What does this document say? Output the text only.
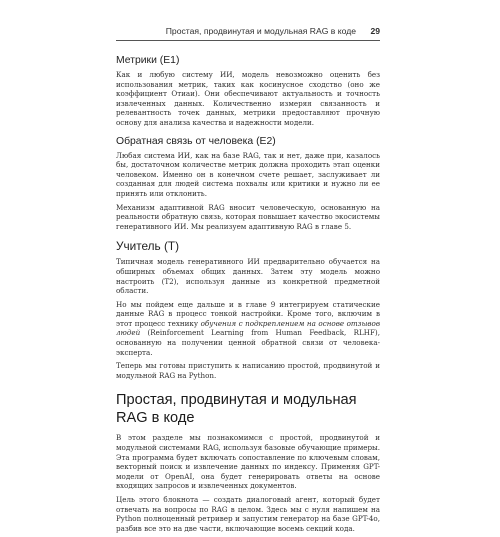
Простая, продвинутая и модульная RAG в коде 29
Метрики (E1)

Как и любую систему ИИ, модель невозможно оценить без использования метрик, таких как косинусное сходство (оно же коэффициент Отиаи). Они обеспечивают актуальность и точность извлеченных данных. Количественно измеряя связанность и релевантность точек данных, метрики предоставляют прочную основу для анализа качества и надежности модели.

Обратная связь от человека (E2)

Любая система ИИ, как на базе RAG, так и нет, даже при, казалось бы, достаточном количестве метрик должна проходить этап оценки человеком. Именно он в конечном счете решает, заслуживает ли созданная для людей система похвалы или критики и нужно ли ее принять или отклонить.

Механизм адаптивной RAG вносит человеческую, основанную на реальности обратную связь, которая повышает качество экосистемы генеративного ИИ. Мы реализуем адаптивную RAG в главе 5.

Учитель (T)

Типичная модель генеративного ИИ предварительно обучается на обширных объемах общих данных. Затем эту модель можно настроить (T2), используя данные из конкретной предметной области.

Но мы пойдем еще дальше и в главе 9 интегрируем статические данные RAG в процесс тонкой настройки. Кроме того, включим в этот процесс технику обучения с подкреплением на основе отзывов людей (Reinforcement Learning from Human Feedback, RLHF), основанную на получении ценной обратной связи от человека-эксперта.

Теперь мы готовы приступить к написанию простой, продвинутой и модульной RAG на Python.

Простая, продвинутая и модульная RAG в коде

В этом разделе мы познакомимся с простой, продвинутой и модульной системами RAG, используя базовые обучающие примеры. Эта программа будет включать сопоставление по ключевым словам, векторный поиск и извлечение данных по индексу. Применяя GPT-модели от OpenAI, она будет генерировать ответы на основе входящих запросов и извлеченных документов.

Цель этого блокнота — создать диалоговый агент, который будет отвечать на вопросы по RAG в целом. Здесь мы с нуля напишем на Python полноценный ретривер и запустим генератор на базе GPT-4o, разбив все это на две части, включающие восемь секций кода.
